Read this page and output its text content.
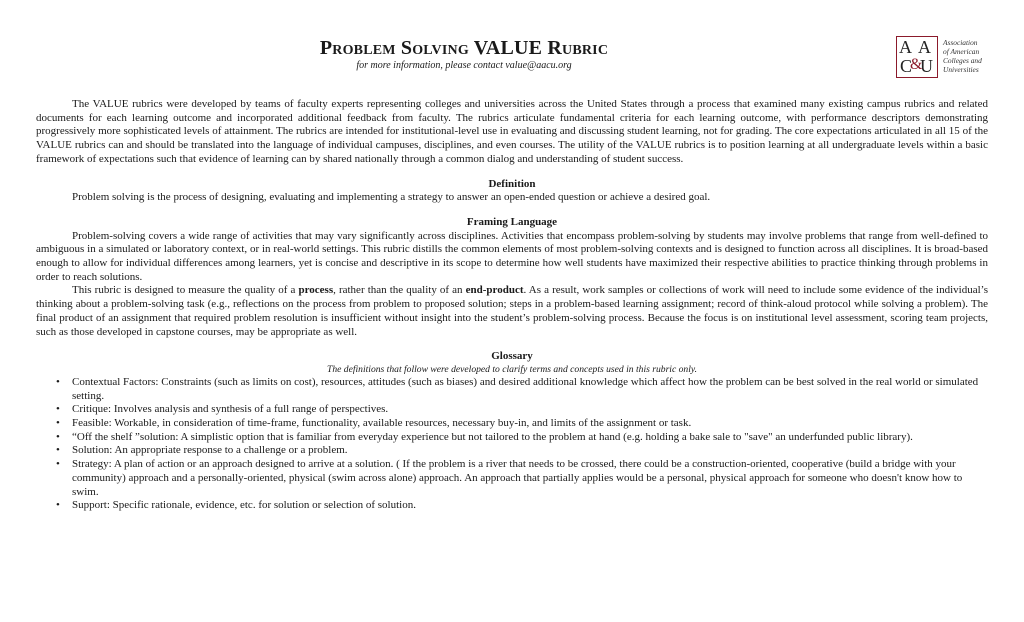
Problem Solving VALUE Rubric
for more information, please contact value@aacu.org
A A
C
&
U
Association
of American
Colleges and
Universities

The VALUE rubrics were developed by teams of faculty experts representing colleges and universities across the United States through a process that examined many existing campus rubrics and related documents for each learning outcome and incorporated additional feedback from faculty. The rubrics articulate fundamental criteria for each learning outcome, with performance descriptors demonstrating progressively more sophisticated levels of attainment. The rubrics are intended for institutional-level use in evaluating and discussing student learning, not for grading. The core expectations articulated in all 15 of the VALUE rubrics can and should be translated into the language of individual campuses, disciplines, and even courses. The utility of the VALUE rubrics is to position learning at all undergraduate levels within a basic framework of expectations such that evidence of learning can by shared nationally through a common dialog and understanding of student success.

Definition

Problem solving is the process of designing, evaluating and implementing a strategy to answer an open-ended question or achieve a desired goal.

Framing Language

Problem-solving covers a wide range of activities that may vary significantly across disciplines. Activities that encompass problem-solving by students may involve problems that range from well-defined to ambiguous in a simulated or laboratory context, or in real-world settings. This rubric distills the common elements of most problem-solving contexts and is designed to function across all disciplines. It is broad-based enough to allow for individual differences among learners, yet is concise and descriptive in its scope to determine how well students have maximized their respective abilities to practice thinking through problems in order to reach solutions.

This rubric is designed to measure the quality of a process, rather than the quality of an end-product. As a result, work samples or collections of work will need to include some evidence of the individual’s thinking about a problem-solving task (e.g., reflections on the process from problem to proposed solution; steps in a problem-based learning assignment; record of think-aloud protocol while solving a problem). The final product of an assignment that required problem resolution is insufficient without insight into the student’s problem-solving process. Because the focus is on institutional level assessment, scoring team projects, such as those developed in capstone courses, may be appropriate as well.

Glossary
The definitions that follow were developed to clarify terms and concepts used in this rubric only.
• Contextual Factors: Constraints (such as limits on cost), resources, attitudes (such as biases) and desired additional knowledge which affect how the problem can be best solved in the real world or simulated setting.
• Critique: Involves analysis and synthesis of a full range of perspectives.
• Feasible: Workable, in consideration of time-frame, functionality, available resources, necessary buy-in, and limits of the assignment or task.
• “Off the shelf ”solution: A simplistic option that is familiar from everyday experience but not tailored to the problem at hand (e.g. holding a bake sale to "save" an underfunded public library).
• Solution: An appropriate response to a challenge or a problem.
• Strategy: A plan of action or an approach designed to arrive at a solution. ( If the problem is a river that needs to be crossed, there could be a construction-oriented, cooperative (build a bridge with your community) approach and a personally-oriented, physical (swim across alone) approach. An approach that partially applies would be a personal, physical approach for someone who doesn't know how to swim.
• Support: Specific rationale, evidence, etc. for solution or selection of solution.
